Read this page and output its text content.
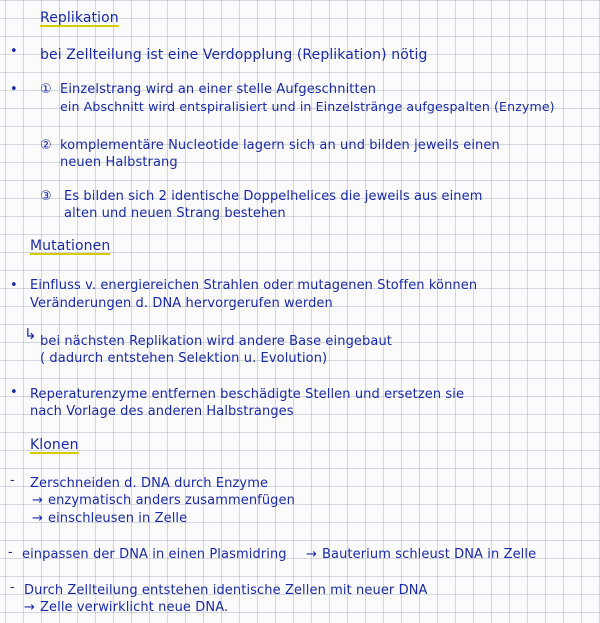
Replikation
• bei Zellteilung ist eine Verdopplung (Replikation) nötig
• ① Einzelstrang wird an einer stelle Aufgeschnitten
ein Abschnitt wird entspiralisiert und in Einzelstränge aufgespalten (Enzyme)
② komplementäre Nucleotide lagern sich an und bilden jeweils einen
neuen Halbstrang
③ Es bilden sich 2 identische Doppelhelices die jeweils aus einem
alten und neuen Strang bestehen
Mutationen
• Einfluss v. energiereichen Strahlen oder mutagenen Stoffen können
Veränderungen d. DNA hervorgerufen werden
↳ bei nächsten Replikation wird andere Base eingebaut
( dadurch entstehen Selektion u. Evolution)
• Reperaturenzyme entfernen beschädigte Stellen und ersetzen sie
nach Vorlage des anderen Halbstranges
Klonen
- Zerschneiden d. DNA durch Enzyme
→ enzymatisch anders zusammenfügen
→ einschleusen in Zelle
- einpassen der DNA in einen Plasmidring → Bauterium schleust DNA in Zelle
- Durch Zellteilung entstehen identische Zellen mit neuer DNA
→ Zelle verwirklicht neue DNA.
